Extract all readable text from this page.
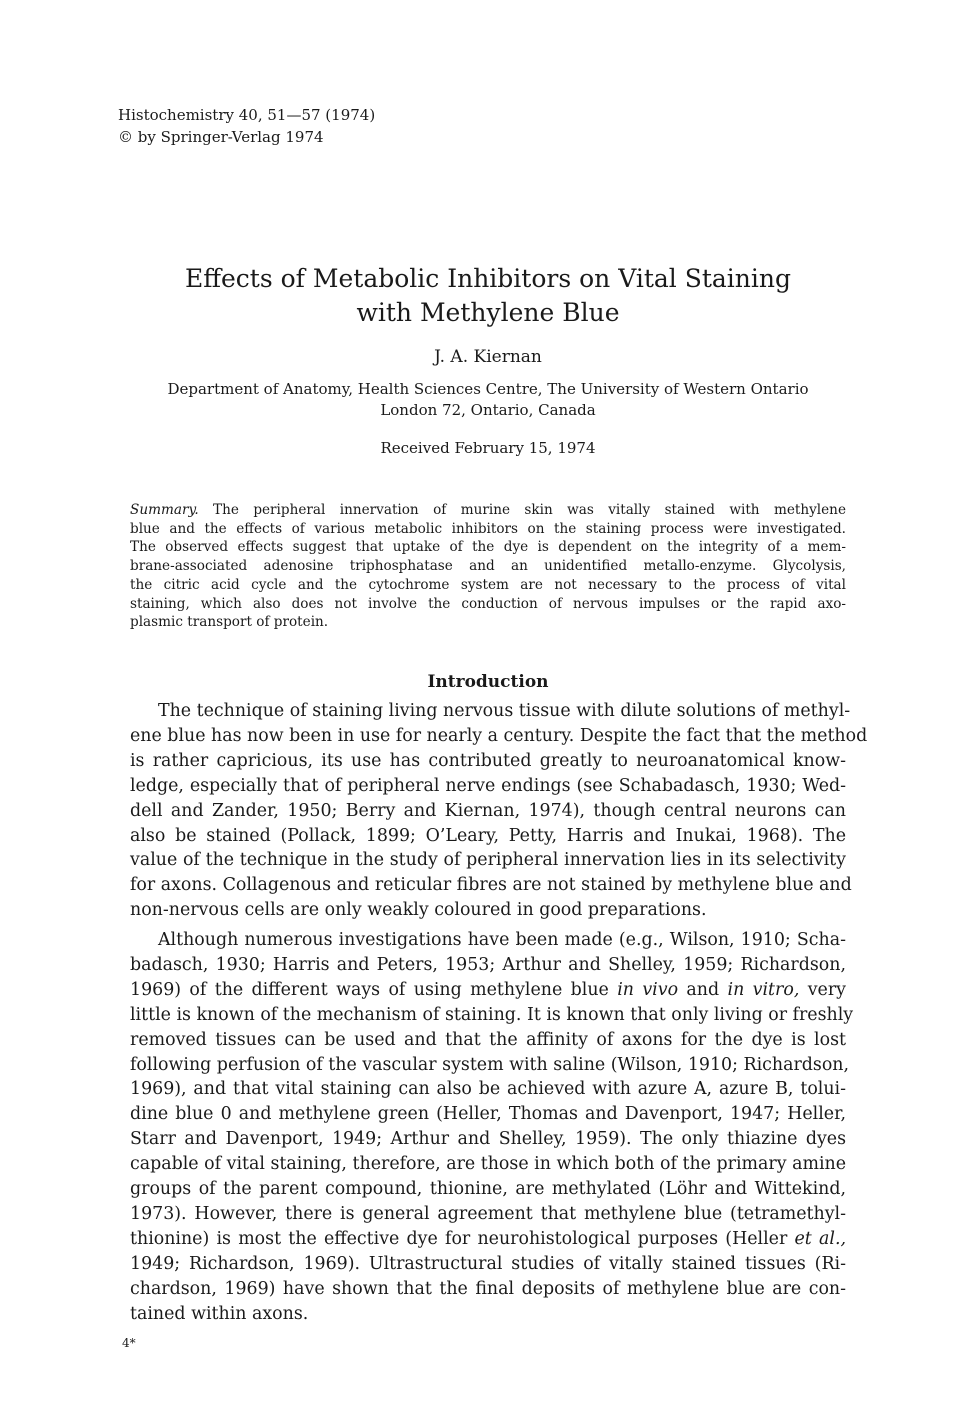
Histochemistry 40, 51—57 (1974)
© by Springer-Verlag 1974
Effects of Metabolic Inhibitors on Vital Staining
with Methylene Blue
J. A. Kiernan
Department of Anatomy, Health Sciences Centre, The University of Western Ontario
London 72, Ontario, Canada
Received February 15, 1974
Summary. The peripheral innervation of murine skin was vitally stained with methylene
blue and the effects of various metabolic inhibitors on the staining process were investigated.
The observed effects suggest that uptake of the dye is dependent on the integrity of a mem-
brane-associated adenosine triphosphatase and an unidentified metallo-enzyme. Glycolysis,
the citric acid cycle and the cytochrome system are not necessary to the process of vital
staining, which also does not involve the conduction of nervous impulses or the rapid axo-
plasmic transport of protein.
Introduction
The technique of staining living nervous tissue with dilute solutions of methyl-
ene blue has now been in use for nearly a century. Despite the fact that the method
is rather capricious, its use has contributed greatly to neuroanatomical know-
ledge, especially that of peripheral nerve endings (see Schabadasch, 1930; Wed-
dell and Zander, 1950; Berry and Kiernan, 1974), though central neurons can
also be stained (Pollack, 1899; O’Leary, Petty, Harris and Inukai, 1968). The
value of the technique in the study of peripheral innervation lies in its selectivity
for axons. Collagenous and reticular fibres are not stained by methylene blue and
non-nervous cells are only weakly coloured in good preparations.
Although numerous investigations have been made (e.g., Wilson, 1910; Scha-
badasch, 1930; Harris and Peters, 1953; Arthur and Shelley, 1959; Richardson,
1969) of the different ways of using methylene blue in vivo and in vitro, very
little is known of the mechanism of staining. It is known that only living or freshly
removed tissues can be used and that the affinity of axons for the dye is lost
following perfusion of the vascular system with saline (Wilson, 1910; Richardson,
1969), and that vital staining can also be achieved with azure A, azure B, tolui-
dine blue 0 and methylene green (Heller, Thomas and Davenport, 1947; Heller,
Starr and Davenport, 1949; Arthur and Shelley, 1959). The only thiazine dyes
capable of vital staining, therefore, are those in which both of the primary amine
groups of the parent compound, thionine, are methylated (Löhr and Wittekind,
1973). However, there is general agreement that methylene blue (tetramethyl-
thionine) is most the effective dye for neurohistological purposes (Heller et al.,
1949; Richardson, 1969). Ultrastructural studies of vitally stained tissues (Ri-
chardson, 1969) have shown that the final deposits of methylene blue are con-
tained within axons.
4*
